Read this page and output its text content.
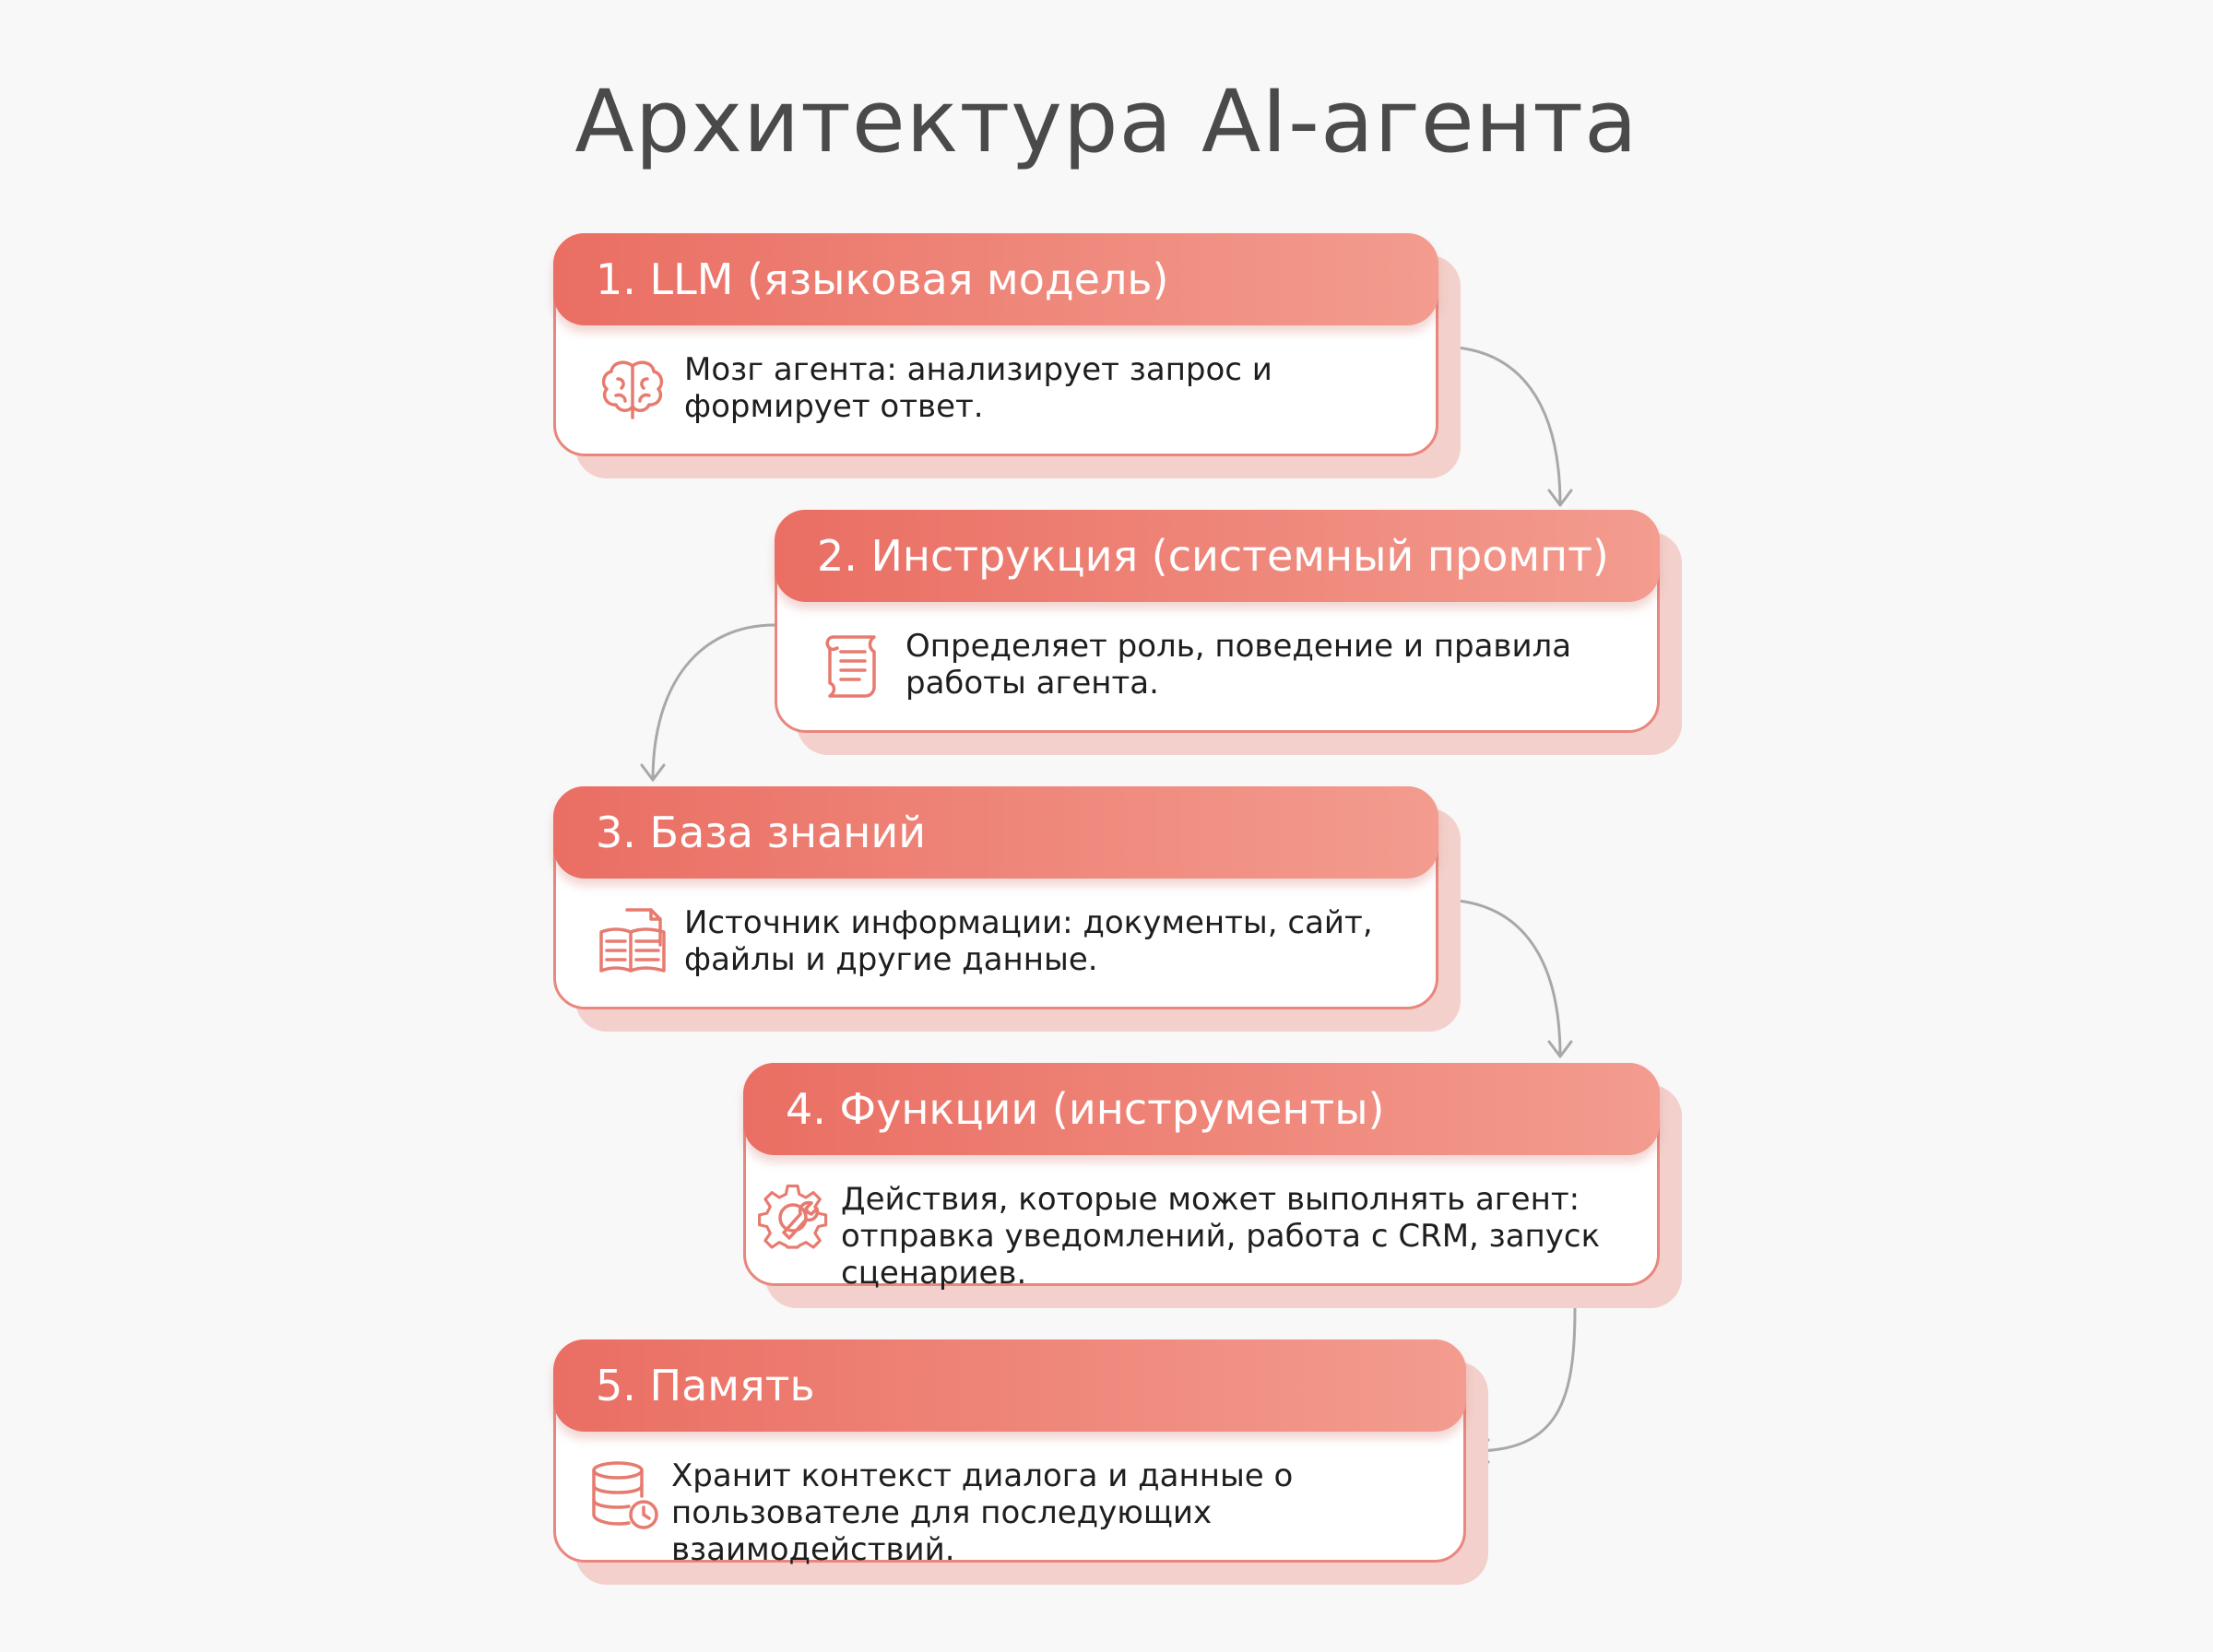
Архитектура AI-агента
1. LLM (языковая модель)
Мозг агента: анализирует запрос и формирует ответ.
2. Инструкция (системный промпт)
Определяет роль, поведение и правила работы агента.
3. База знаний
Источник информации: документы, сайт, файлы и другие данные.
4. Функции (инструменты)
Действия, которые может выполнять агент: отправка уведомлений, работа с CRM, запуск сценариев.
5. Память
Хранит контекст диалога и данные о пользователе для последующих взаимодействий.
